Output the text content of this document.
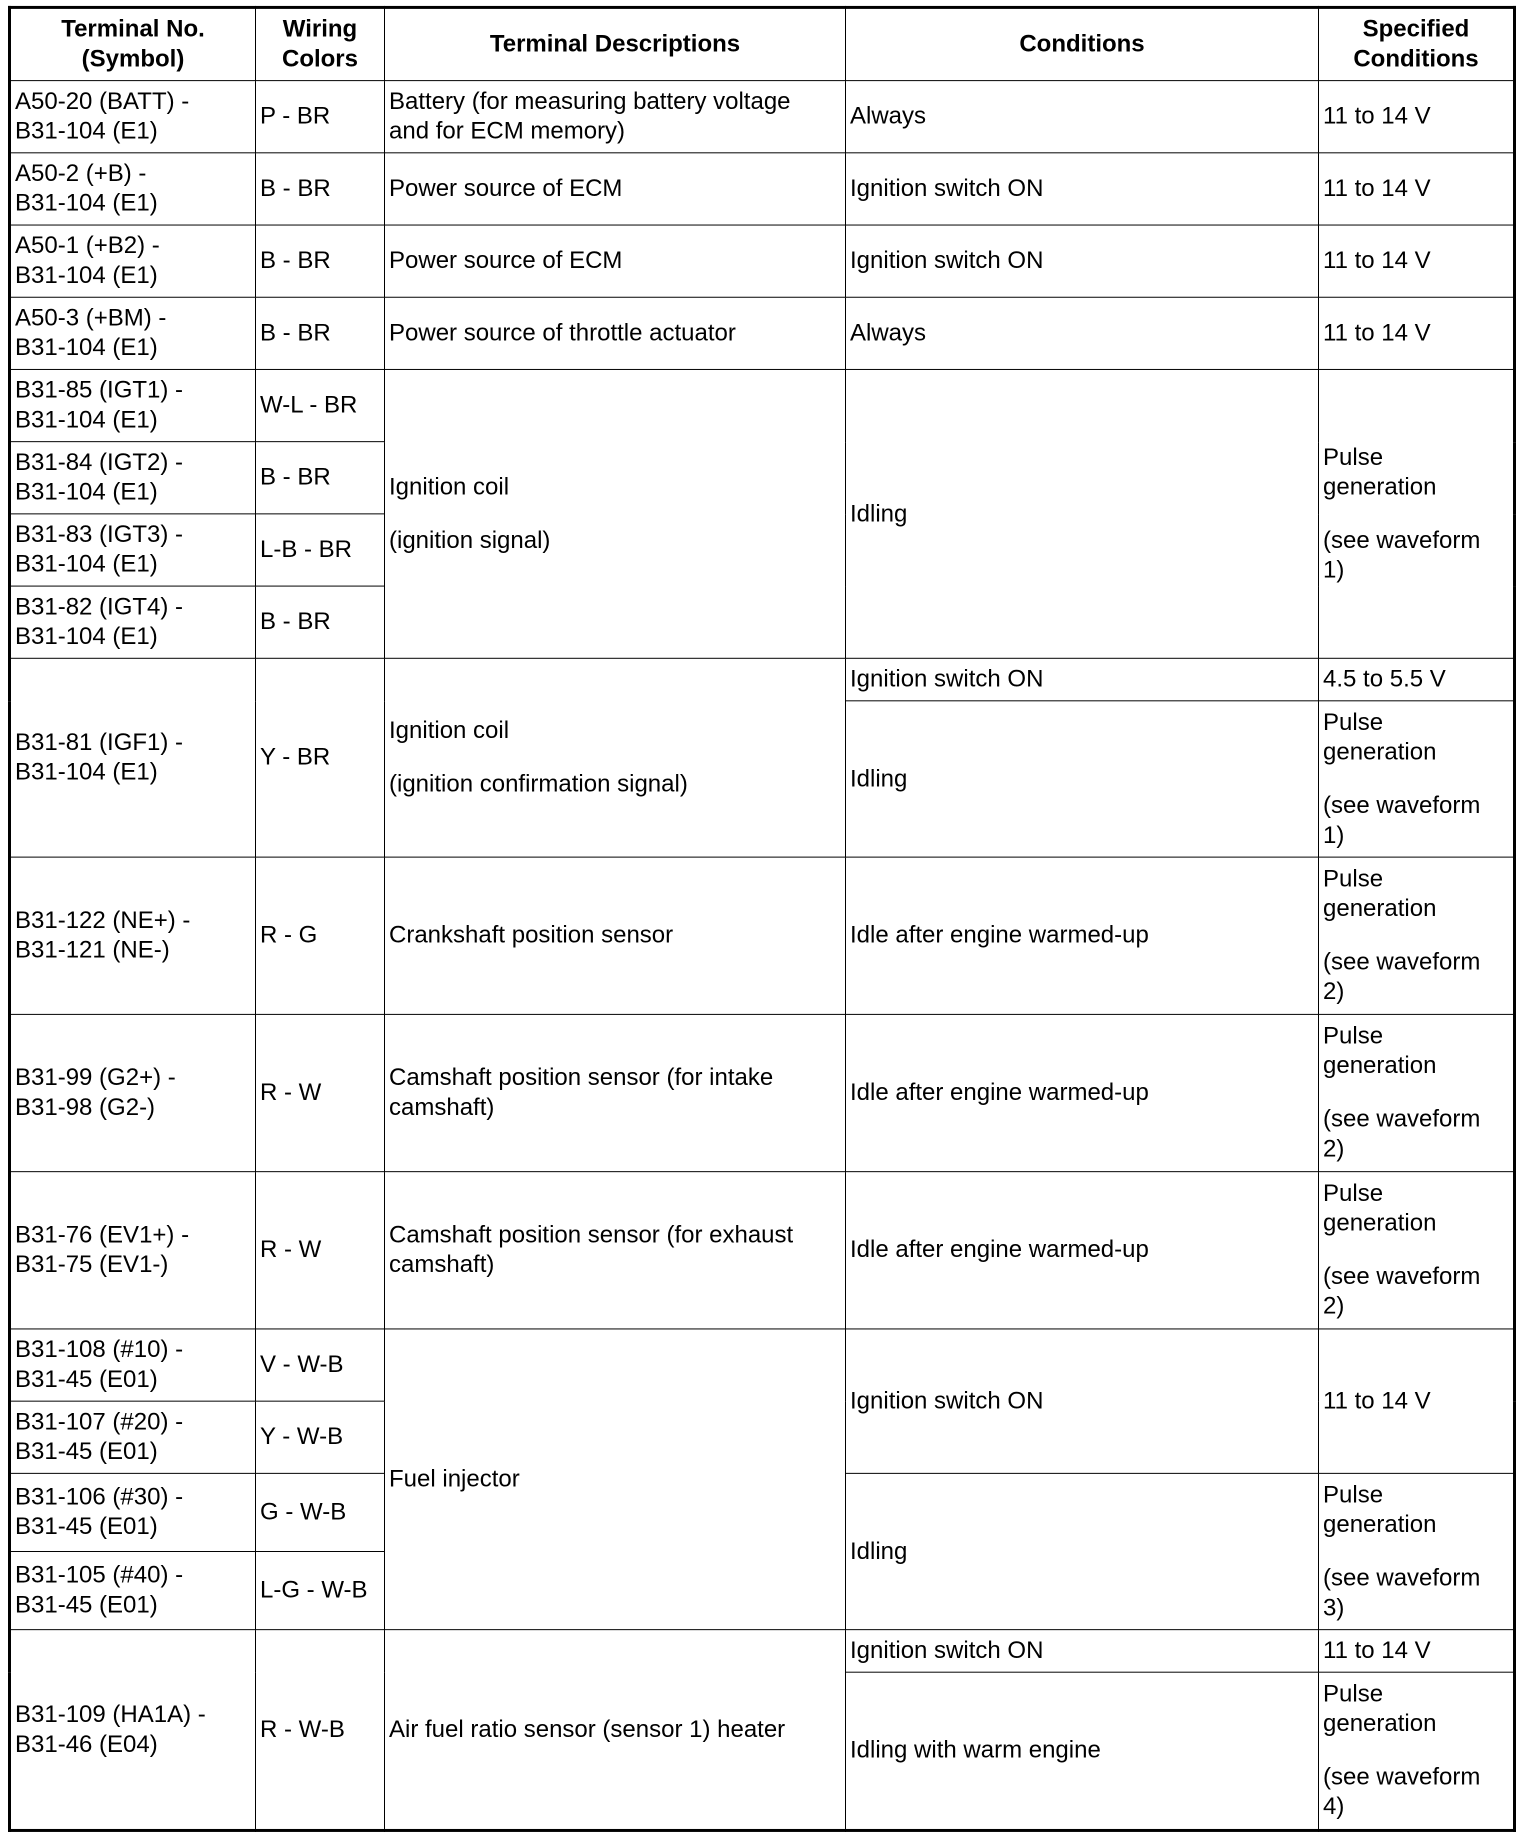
Terminal No.
(Symbol)	Wiring
Colors	Terminal Descriptions	Conditions	Specified
Conditions
A50-20 (BATT) -
B31-104 (E1)	P - BR	Battery (for measuring battery voltage
and for ECM memory)	Always	11 to 14 V
A50-2 (+B) -
B31-104 (E1)	B - BR	Power source of ECM	Ignition switch ON	11 to 14 V
A50-1 (+B2) -
B31-104 (E1)	B - BR	Power source of ECM	Ignition switch ON	11 to 14 V
A50-3 (+BM) -
B31-104 (E1)	B - BR	Power source of throttle actuator	Always	11 to 14 V
B31-85 (IGT1) -
B31-104 (E1)	W-L - BR	Ignition coil
(ignition signal)	Idling	Pulse
generation
(see waveform
1)
B31-84 (IGT2) -
B31-104 (E1)	B - BR			
B31-83 (IGT3) -
B31-104 (E1)	L-B - BR			
B31-82 (IGT4) -
B31-104 (E1)	B - BR			
B31-81 (IGF1) -
B31-104 (E1)	Y - BR	Ignition coil
(ignition confirmation signal)	Ignition switch ON	4.5 to 5.5 V
			Idling	Pulse
generation
(see waveform
1)
B31-122 (NE+) -
B31-121 (NE-)	R - G	Crankshaft position sensor	Idle after engine warmed-up	Pulse
generation
(see waveform
2)
B31-99 (G2+) -
B31-98 (G2-)	R - W	Camshaft position sensor (for intake
camshaft)	Idle after engine warmed-up	Pulse
generation
(see waveform
2)
B31-76 (EV1+) -
B31-75 (EV1-)	R - W	Camshaft position sensor (for exhaust
camshaft)	Idle after engine warmed-up	Pulse
generation
(see waveform
2)
B31-108 (#10) -
B31-45 (E01)	V - W-B	Fuel injector	Ignition switch ON	11 to 14 V
B31-107 (#20) -
B31-45 (E01)	Y - W-B			
B31-106 (#30) -
B31-45 (E01)	G - W-B		Idling	Pulse
generation
(see waveform
3)
B31-105 (#40) -
B31-45 (E01)	L-G - W-B			
B31-109 (HA1A) -
B31-46 (E04)	R - W-B	Air fuel ratio sensor (sensor 1) heater	Ignition switch ON	11 to 14 V
			Idling with warm engine	Pulse
generation
(see waveform
4)
